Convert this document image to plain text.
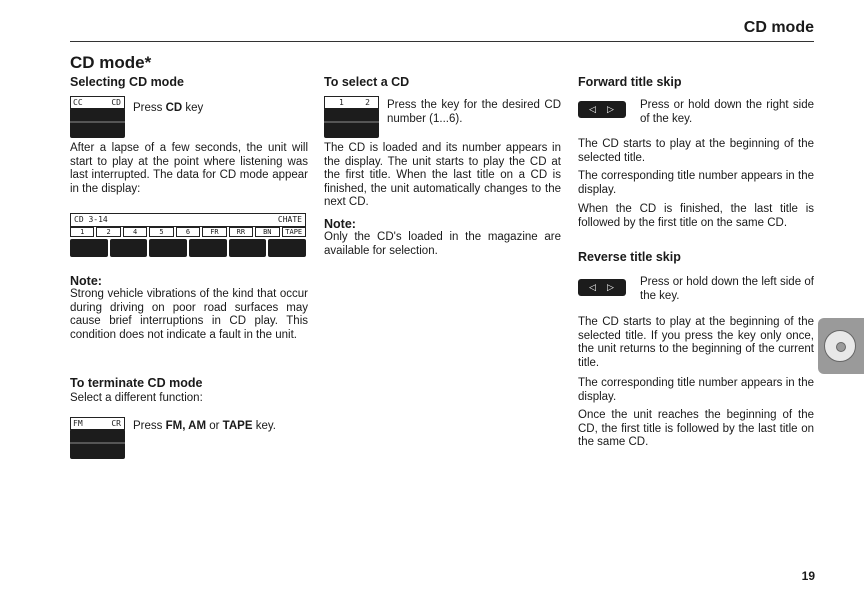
CD mode
CD mode*
Selecting CD mode
CC	CD Press CD key

After a lapse of a few seconds, the unit will start to play at the point where listening was last interrupted. The data for CD mode appear in the display:

CD 3-14	CHATE
1	2	4	5	6	FR	RR	BN	TAPE
Note:

Strong vehicle vibrations of the kind that occur during driving on poor road surfaces may cause brief interruptions in CD play. This condition does not indicate a fault in the unit.

To terminate CD mode

Select a different function:

FM	CR Press FM, AM or TAPE key.
To select a CD
1	2 Press the key for the desired CD number (1...6).

The CD is loaded and its number appears in the display. The unit starts to play the CD at the first title. When the last title on a CD is finished, the unit automatically changes to the next CD.

Note:

Only the CD's loaded in the magazine are available for selection.

Forward title skip
◁ ▷ Press or hold down the right side of the key.

The CD starts to play at the beginning of the selected title.

The corresponding title number appears in the display.

When the CD is finished, the last title is followed by the first title on the same CD.

Reverse title skip
◁ ▷ Press or hold down the left side of the key.

The CD starts to play at the beginning of the selected title. If you press the key only once, the unit returns to the beginning of the current title.

The corresponding title number appears in the display.

Once the unit reaches the beginning of the CD, the first title is followed by the last title on the same CD.

19
